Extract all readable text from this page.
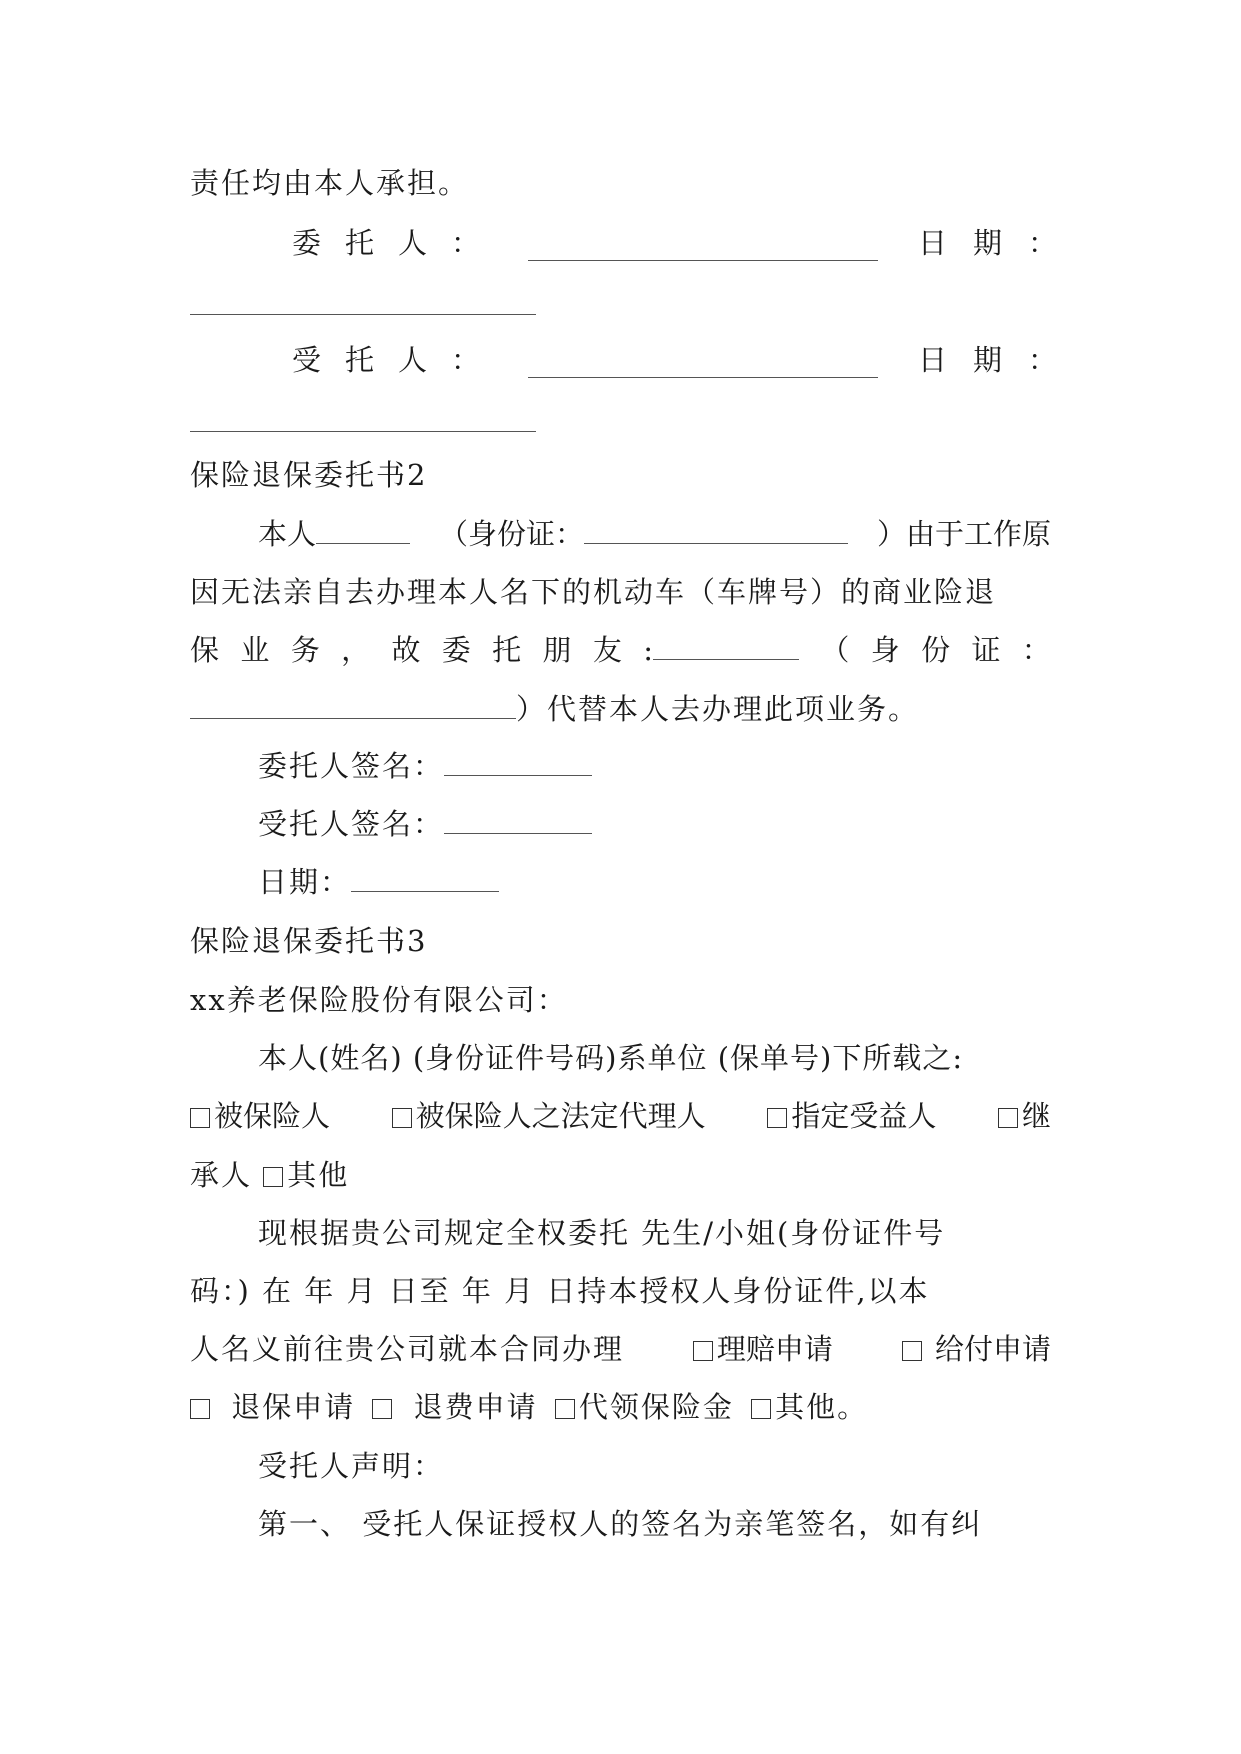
责任均由本人承担。
委托人：	日期：
受托人：	日期：
保险退保委托书2
本人	（身份证：	）由于工作原
因无法亲自去办理本人名下的机动车（车牌号）的商业险退
保 业 务 ， 故 委 托 朋 友 :	（ 身 份 证 ：
）代替本人去办理此项业务。
委托人签名：
受托人签名：
日期：
保险退保委托书3
xx养老保险股份有限公司：
本人(姓名) (身份证件号码)系单位 (保单号)下所载之:
被保险人	被保险人之法定代理人	指定受益人	继
承人 其他
现根据贵公司规定全权委托 先生/小姐(身份证件号
码：) 在 年 月 日至 年 月 日持本授权人身份证件,以本
人名义前往贵公司就本合同办理	理赔申请	给付申请
退保申请 退费申请 代领保险金 其他。
受托人声明：
第一、 受托人保证授权人的签名为亲笔签名，如有纠
